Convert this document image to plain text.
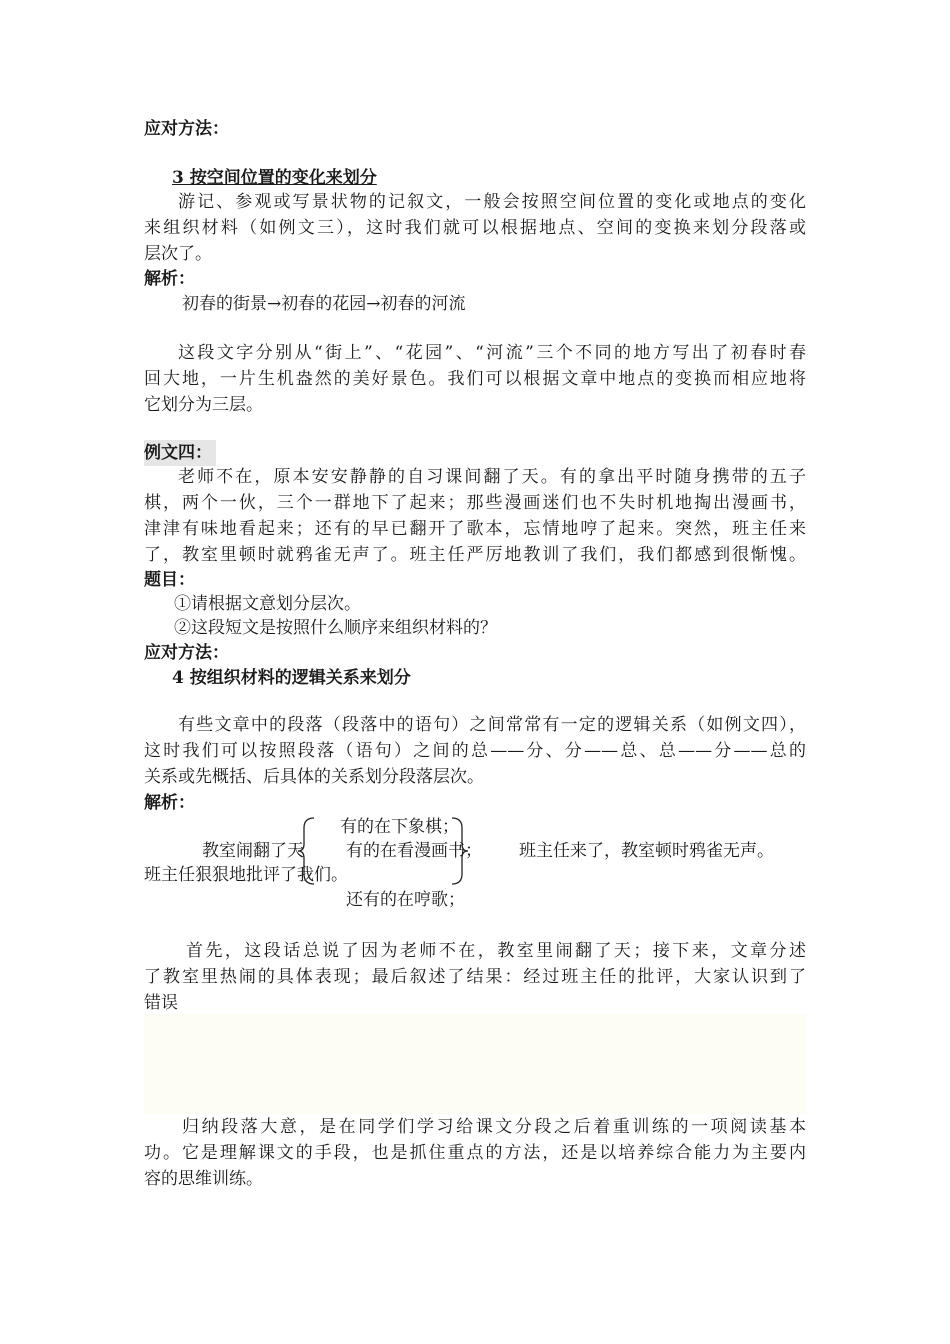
应对方法：
3 按空间位置的变化来划分
游记、参观或写景状物的记叙文，一般会按照空间位置的变化或地点的变化
来组织材料（如例文三），这时我们就可以根据地点、空间的变换来划分段落或
层次了。
解析：
初春的街景→初春的花园→初春的河流
这段文字分别从“街上”、“花园”、“河流”三个不同的地方写出了初春时春
回大地，一片生机盎然的美好景色。我们可以根据文章中地点的变换而相应地将
它划分为三层。
例文四：
老师不在，原本安安静静的自习课间翻了天。有的拿出平时随身携带的五子
棋，两个一伙，三个一群地下了起来；那些漫画迷们也不失时机地掏出漫画书，
津津有味地看起来；还有的早已翻开了歌本，忘情地哼了起来。突然，班主任来
了，教室里顿时就鸦雀无声了。班主任严厉地教训了我们，我们都感到很惭愧。
题目：
①请根据文意划分层次。
②这段短文是按照什么顺序来组织材料的？
应对方法：
4 按组织材料的逻辑关系来划分
有些文章中的段落（段落中的语句）之间常常有一定的逻辑关系（如例文四），
这时我们可以按照段落（语句）之间的总——分、分——总、总——分——总的
关系或先概括、后具体的关系划分段落层次。
解析：
有的在下象棋；
教室闹翻了天 有的在看漫画书； 班主任来了，教室顿时鸦雀无声。
班主任狠狠地批评了我们。
还有的在哼歌；
首先，这段话总说了因为老师不在，教室里闹翻了天；接下来，文章分述
了教室里热闹的具体表现；最后叙述了结果：经过班主任的批评，大家认识到了
错误
归纳段落大意，是在同学们学习给课文分段之后着重训练的一项阅读基本
功。它是理解课文的手段，也是抓住重点的方法，还是以培养综合能力为主要内
容的思维训练。
